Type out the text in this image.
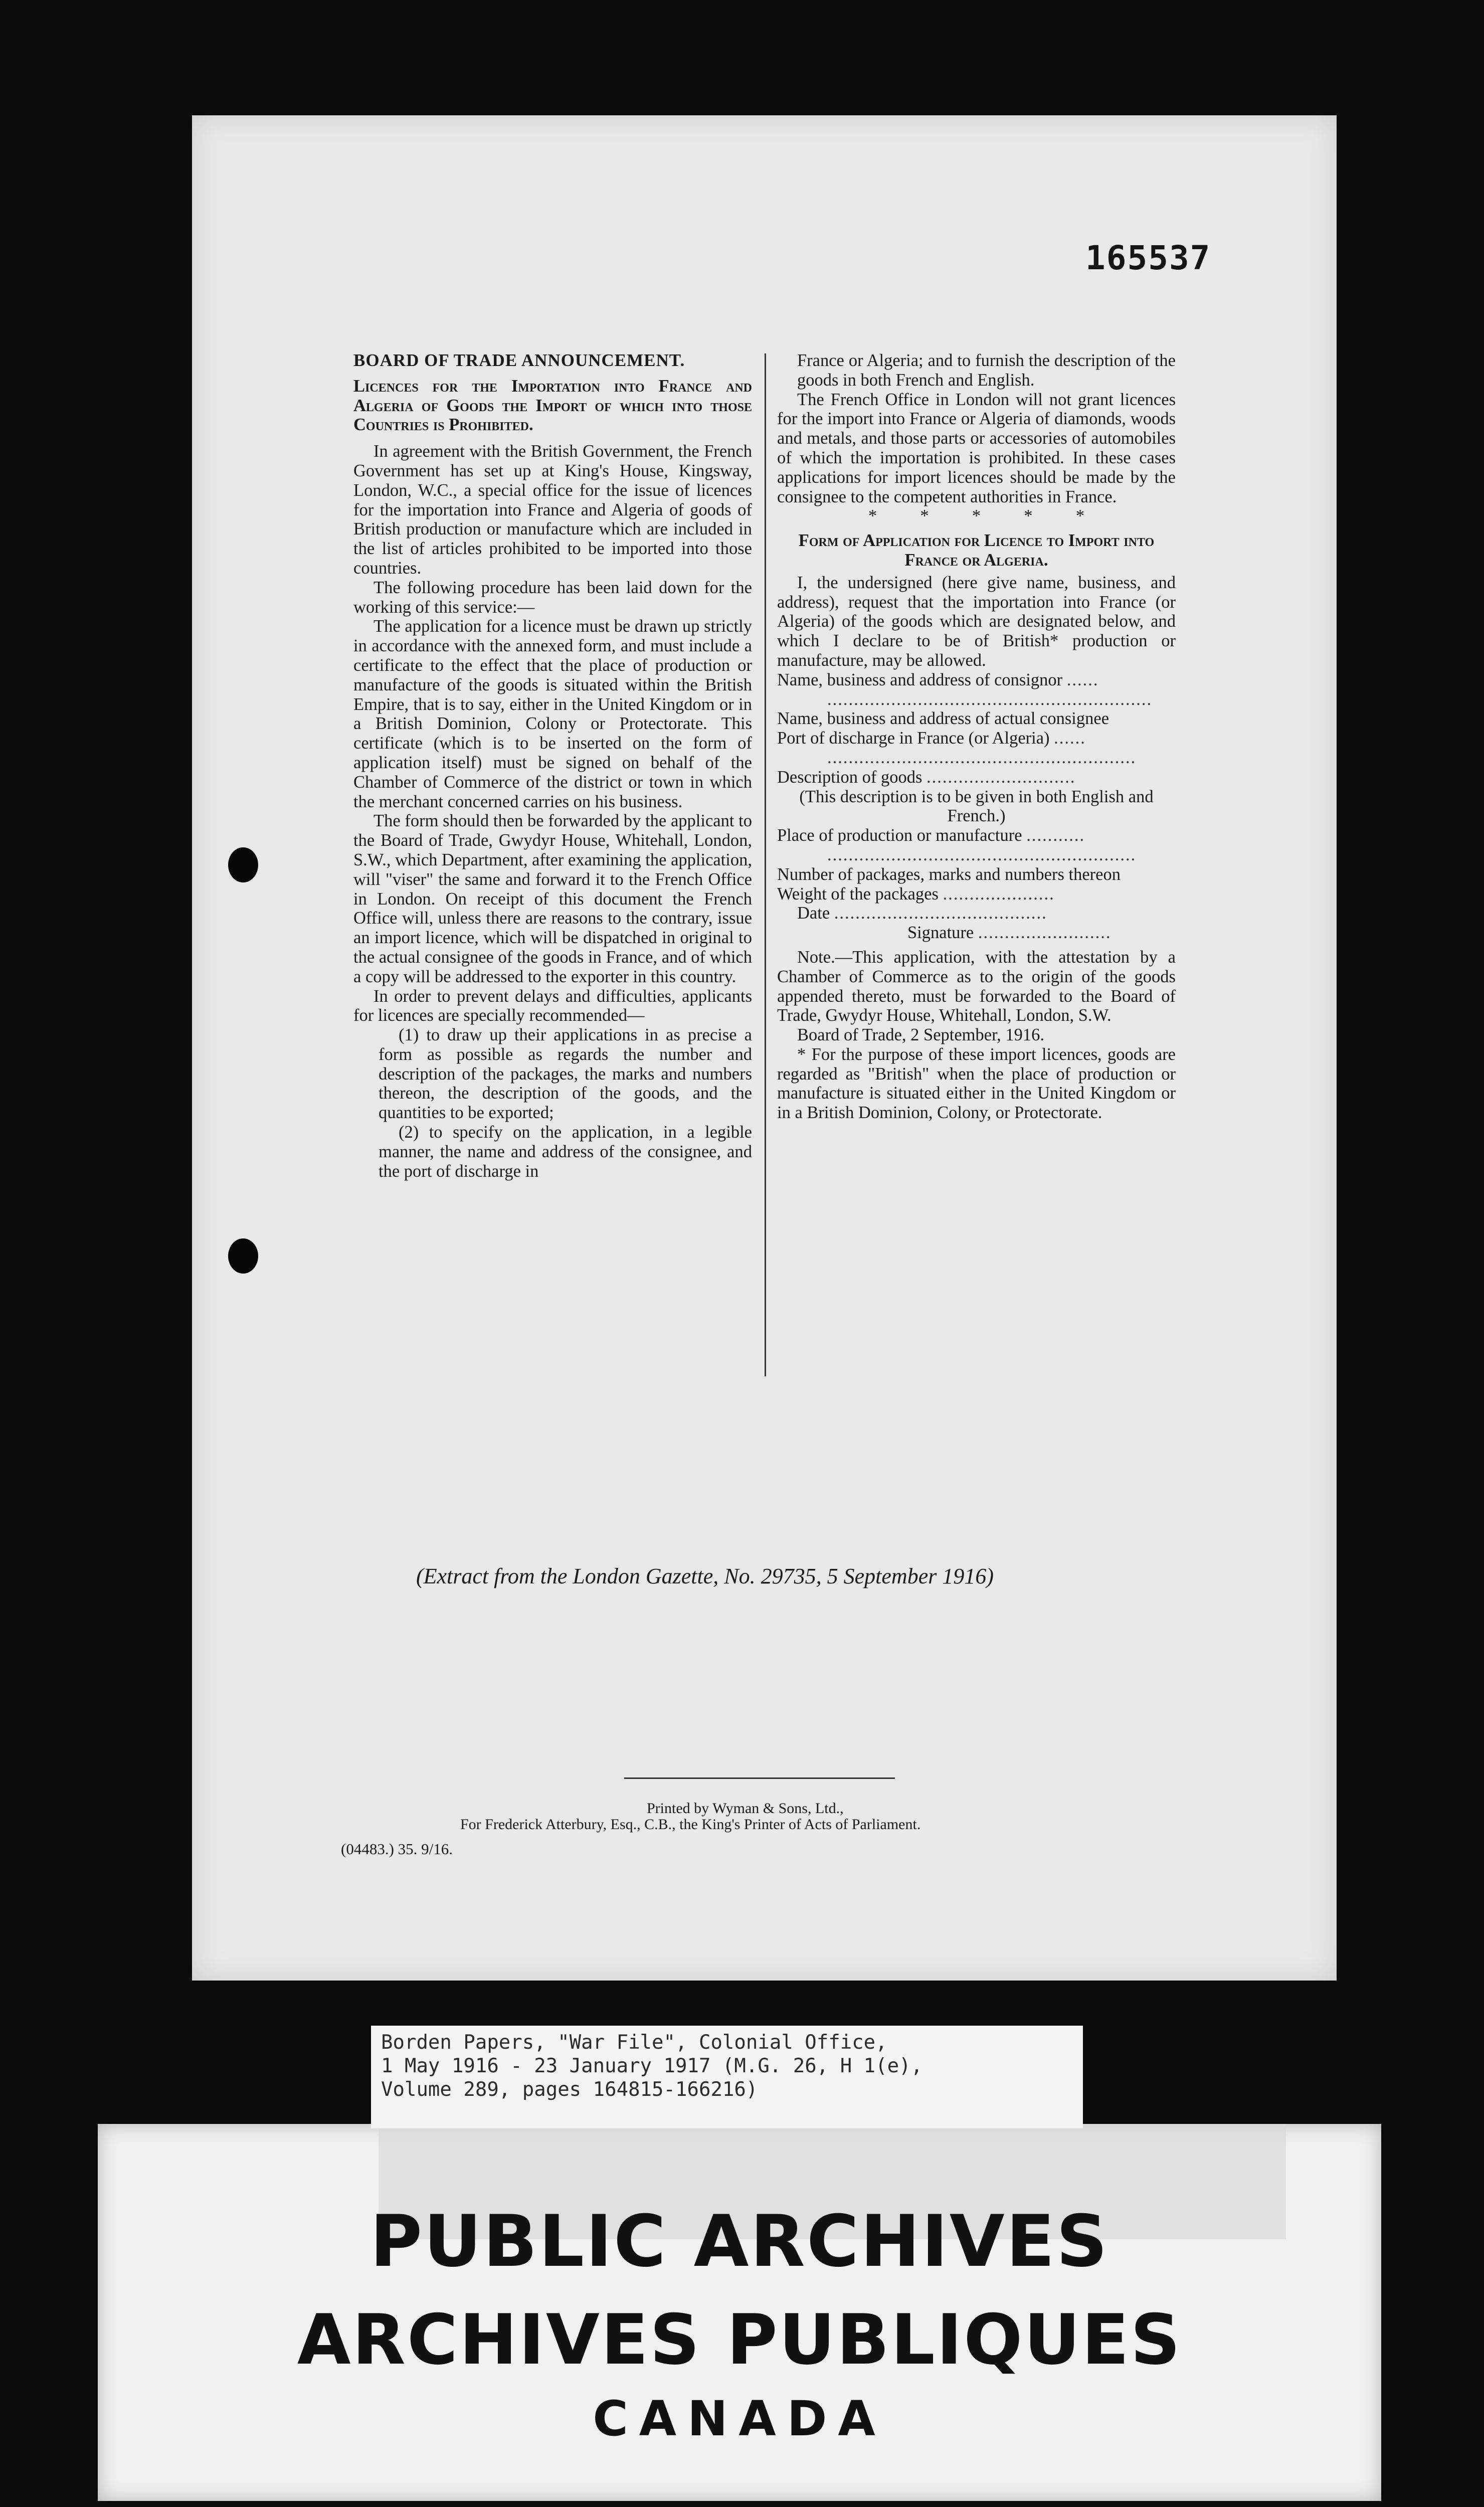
165537

BOARD OF TRADE ANNOUNCEMENT.

Licences for the Importation into France and Algeria of Goods the Import of which into those Countries is Prohibited.

In agreement with the British Government, the French Government has set up at King's House, Kingsway, London, W.C., a special office for the issue of licences for the importation into France and Algeria of goods of British production or manufacture which are included in the list of articles prohibited to be imported into those countries.

The following procedure has been laid down for the working of this service:—

The application for a licence must be drawn up strictly in accordance with the annexed form, and must include a certificate to the effect that the place of production or manufacture of the goods is situated within the British Empire, that is to say, either in the United Kingdom or in a British Dominion, Colony or Protectorate. This certificate (which is to be inserted on the form of application itself) must be signed on behalf of the Chamber of Commerce of the district or town in which the merchant concerned carries on his business.

The form should then be forwarded by the applicant to the Board of Trade, Gwydyr House, Whitehall, London, S.W., which Department, after examining the application, will "viser" the same and forward it to the French Office in London. On receipt of this document the French Office will, unless there are reasons to the contrary, issue an import licence, which will be dispatched in original to the actual consignee of the goods in France, and of which a copy will be addressed to the exporter in this country.

In order to prevent delays and difficulties, applicants for licences are specially recommended—

(1) to draw up their applications in as precise a form as possible as regards the number and description of the packages, the marks and numbers thereon, the description of the goods, and the quantities to be exported;

(2) to specify on the application, in a legible manner, the name and address of the consignee, and the port of discharge in

France or Algeria; and to furnish the description of the goods in both French and English.

The French Office in London will not grant licences for the import into France or Algeria of diamonds, woods and metals, and those parts or accessories of automobiles of which the importation is prohibited. In these cases applications for import licences should be made by the consignee to the competent authorities in France.

*          *          *          *          *

Form of Application for Licence to Import into France or Algeria.

I, the undersigned (here give name, business, and address), request that the importation into France (or Algeria) of the goods which are designated below, and which I declare to be of British* production or manufacture, may be allowed.

Name, business and address of consignor ......

.............................................................

Name, business and address of actual consignee

Port of discharge in France (or Algeria) ......

..........................................................

Description of goods ............................

(This description is to be given in both English and French.)

Place of production or manufacture ...........

..........................................................

Number of packages, marks and numbers thereon

Weight of the packages .....................

Date ........................................

Signature .........................

Note.—This application, with the attestation by a Chamber of Commerce as to the origin of the goods appended thereto, must be forwarded to the Board of Trade, Gwydyr House, Whitehall, London, S.W.

Board of Trade, 2 September, 1916.

* For the purpose of these import licences, goods are regarded as "British" when the place of production or manufacture is situated either in the United Kingdom or in a British Dominion, Colony, or Protectorate.

(Extract from the London Gazette, No. 29735, 5 September 1916)
Printed by Wyman & Sons, Ltd.,
For Frederick Atterbury, Esq., C.B., the King's Printer of Acts of Parliament.
(04483.) 35. 9/16.
PUBLIC ARCHIVES
ARCHIVES PUBLIQUES
CANADA
Borden Papers, "War File", Colonial Office,
1 May 1916 - 23 January 1917 (M.G. 26, H 1(e),
Volume 289, pages 164815-166216)
